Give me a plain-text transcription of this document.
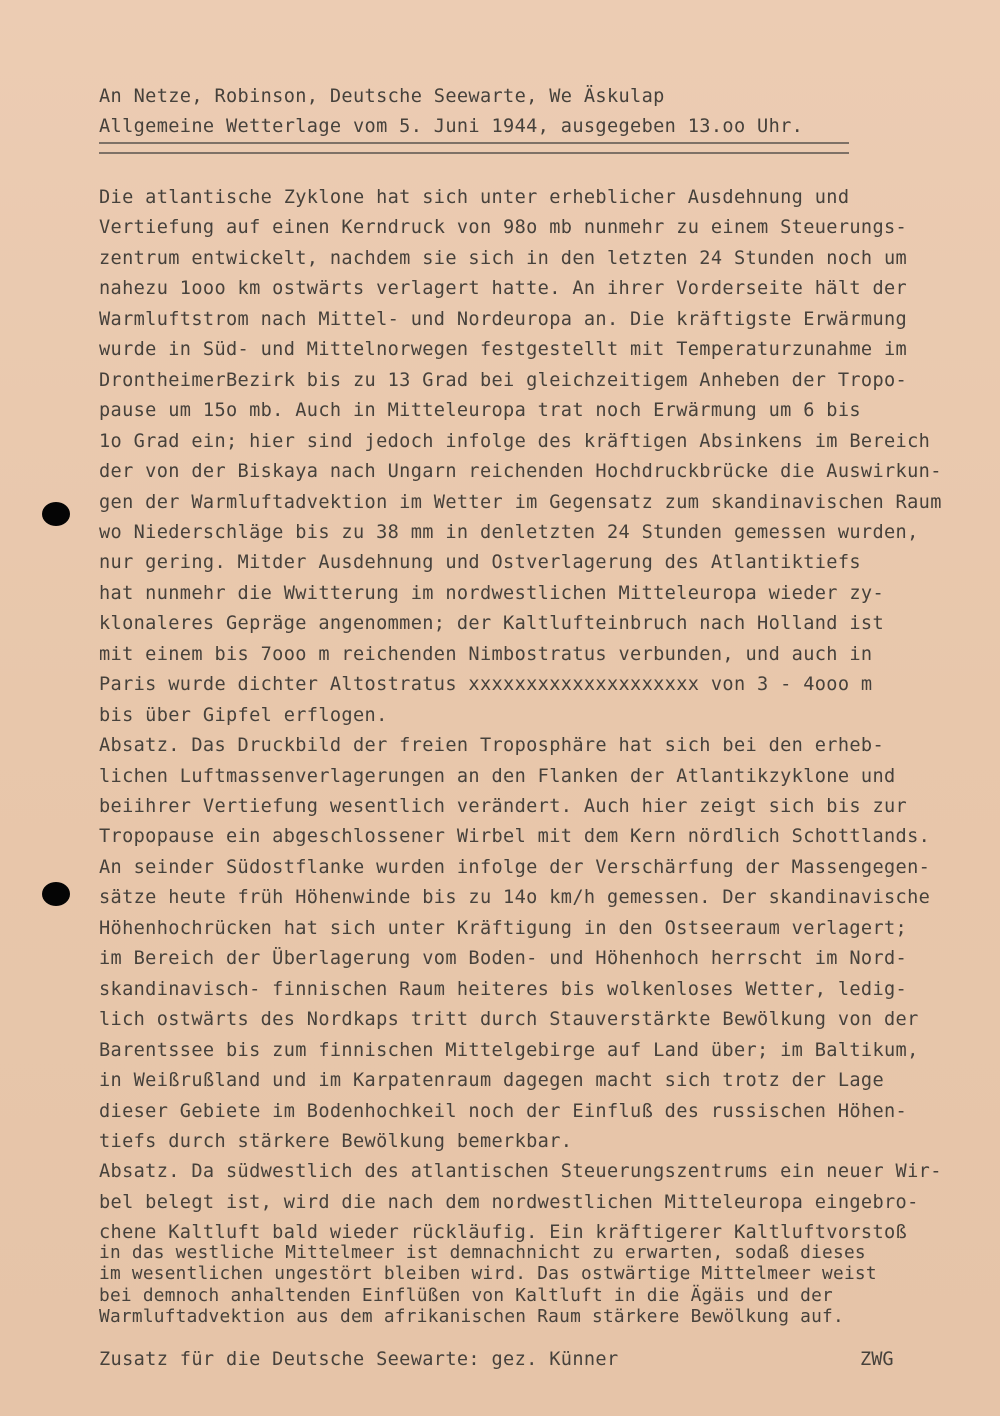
An Netze, Robinson, Deutsche Seewarte, We Äskulap
Allgemeine Wetterlage vom 5. Juni 1944, ausgegeben 13.oo Uhr.
Die atlantische Zyklone hat sich unter erheblicher Ausdehnung und
Vertiefung auf einen Kerndruck von 98o mb nunmehr zu einem Steuerungs-
zentrum entwickelt, nachdem sie sich in den letzten 24 Stunden noch um
nahezu 1ooo km ostwärts verlagert hatte. An ihrer Vorderseite hält der
Warmluftstrom nach Mittel- und Nordeuropa an. Die kräftigste Erwärmung
wurde in Süd- und Mittelnorwegen festgestellt mit Temperaturzunahme im
DrontheimerBezirk bis zu 13 Grad bei gleichzeitigem Anheben der Tropo-
pause um 15o mb. Auch in Mitteleuropa trat noch Erwärmung um 6 bis
1o Grad ein; hier sind jedoch infolge des kräftigen Absinkens im Bereich
der von der Biskaya nach Ungarn reichenden Hochdruckbrücke die Auswirkun-
gen der Warmluftadvektion im Wetter im Gegensatz zum skandinavischen Raum
wo Niederschläge bis zu 38 mm in denletzten 24 Stunden gemessen wurden,
nur gering. Mitder Ausdehnung und Ostverlagerung des Atlantiktiefs
hat nunmehr die Wwitterung im nordwestlichen Mitteleuropa wieder zy-
klonaleres Gepräge angenommen; der Kaltlufteinbruch nach Holland ist
mit einem bis 7ooo m reichenden Nimbostratus verbunden, und auch in
Paris wurde dichter Altostratus xxxxxxxxxxxxxxxxxxxx von 3 - 4ooo m
bis über Gipfel erflogen.
Absatz. Das Druckbild der freien Troposphäre hat sich bei den erheb-
lichen Luftmassenverlagerungen an den Flanken der Atlantikzyklone und
beiihrer Vertiefung wesentlich verändert. Auch hier zeigt sich bis zur
Tropopause ein abgeschlossener Wirbel mit dem Kern nördlich Schottlands.
An seinder Südostflanke wurden infolge der Verschärfung der Massengegen-
sätze heute früh Höhenwinde bis zu 14o km/h gemessen. Der skandinavische
Höhenhochrücken hat sich unter Kräftigung in den Ostseeraum verlagert;
im Bereich der Überlagerung vom Boden- und Höhenhoch herrscht im Nord-
skandinavisch- finnischen Raum heiteres bis wolkenloses Wetter, ledig-
lich ostwärts des Nordkaps tritt durch Stauverstärkte Bewölkung von der
Barentssee bis zum finnischen Mittelgebirge auf Land über; im Baltikum,
in Weißrußland und im Karpatenraum dagegen macht sich trotz der Lage
dieser Gebiete im Bodenhochkeil noch der Einfluß des russischen Höhen-
tiefs durch stärkere Bewölkung bemerkbar.
Absatz. Da südwestlich des atlantischen Steuerungszentrums ein neuer Wir-
bel belegt ist, wird die nach dem nordwestlichen Mitteleuropa eingebro-
chene Kaltluft bald wieder rückläufig. Ein kräftigerer Kaltluftvorstoß
in das westliche Mittelmeer ist demnachnicht zu erwarten, sodaß dieses
im wesentlichen ungestört bleiben wird. Das ostwärtige Mittelmeer weist
bei demnoch anhaltenden Einflüßen von Kaltluft in die Ägäis und der
Warmluftadvektion aus dem afrikanischen Raum stärkere Bewölkung auf.
Zusatz für die Deutsche Seewarte: gez. Künner	ZWG
